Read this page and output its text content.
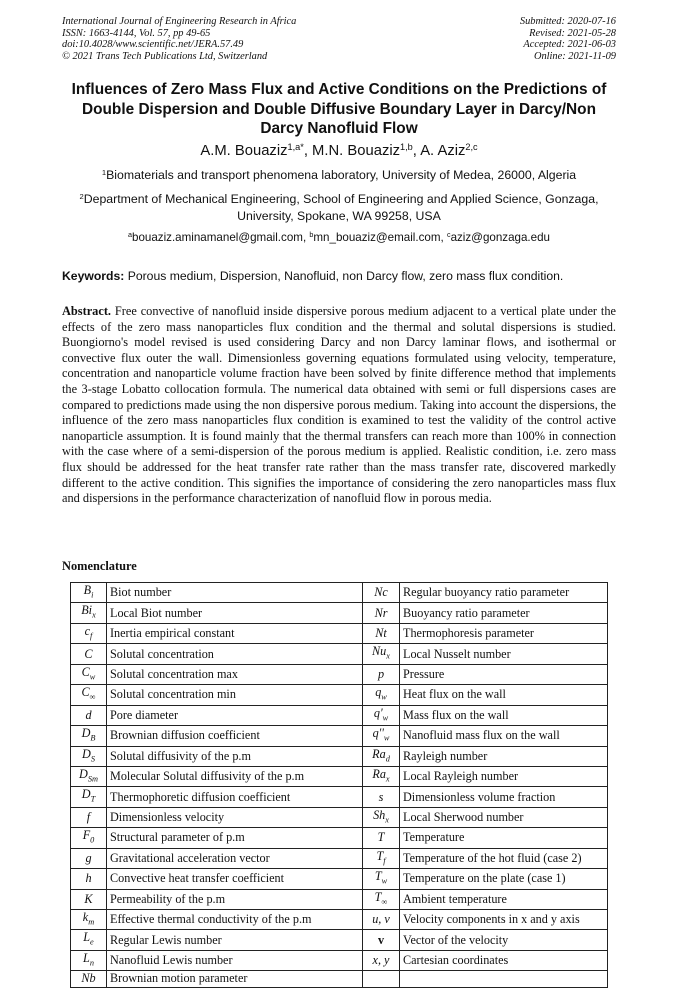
International Journal of Engineering Research in Africa
ISSN: 1663-4144, Vol. 57, pp 49-65
doi:10.4028/www.scientific.net/JERA.57.49
© 2021 Trans Tech Publications Ltd, Switzerland
Submitted: 2020-07-16
Revised: 2021-05-28
Accepted: 2021-06-03
Online: 2021-11-09
Influences of Zero Mass Flux and Active Conditions on the Predictions of Double Dispersion and Double Diffusive Boundary Layer in Darcy/Non Darcy Nanofluid Flow
A.M. Bouaziz$^{1,a*}$, M.N. Bouaziz$^{1,b}$, A. Aziz$^{2,c}$
$^1$Biomaterials and transport phenomena laboratory, University of Medea, 26000, Algeria
$^2$Department of Mechanical Engineering, School of Engineering and Applied Science, Gonzaga, University, Spokane, WA 99258, USA
$^a$bouaziz.aminamanel@gmail.com, $^b$mn_bouaziz@email.com, $^c$aziz@gonzaga.edu
Keywords: Porous medium, Dispersion, Nanofluid, non Darcy flow, zero mass flux condition.
Abstract. Free convective of nanofluid inside dispersive porous medium adjacent to a vertical plate under the effects of the zero mass nanoparticles flux condition and the thermal and solutal dispersions is studied. Buongiorno's model revised is used considering Darcy and non Darcy laminar flows, and isothermal or convective flux outer the wall. Dimensionless governing equations formulated using velocity, temperature, concentration and nanoparticle volume fraction have been solved by finite difference method that implements the 3-stage Lobatto collocation formula. The numerical data obtained with semi or full dispersions cases are compared to predictions made using the non dispersive porous medium. Taking into account the dispersions, the influence of the zero mass nanoparticles flux condition is examined to test the validity of the control active nanoparticle assumption. It is found mainly that the thermal transfers can reach more than 100% in connection with the case where of a semi-dispersion of the porous medium is applied. Realistic condition, i.e. zero mass flux should be addressed for the heat transfer rate rather than the mass transfer rate, discovered markedly different to the active condition. This signifies the importance of considering the zero nanoparticles mass flux and dispersions in the performance characterization of nanofluid flow in porous media.
Nomenclature
$B_i$	Biot number	Nc	Regular buoyancy ratio parameter
$Bi_x$	Local Biot number	Nr	Buoyancy ratio parameter
$c_f$	Inertia empirical constant	Nt	Thermophoresis parameter
C	Solutal concentration	$Nu_x$	Local Nusselt number
$C_w$	Solutal concentration max	p	Pressure
$C_\infty$	Solutal concentration min	$q_w$	Heat flux on the wall
d	Pore diameter	$q'_w$	Mass flux on the wall
$D_B$	Brownian diffusion coefficient	$q''_w$	Nanofluid mass flux on the wall
$D_S$	Solutal diffusivity of the p.m	$Ra_d$	Rayleigh number
$D_{Sm}$	Molecular Solutal diffusivity of the p.m	$Ra_x$	Local Rayleigh number
$D_T$	Thermophoretic diffusion coefficient	s	Dimensionless volume fraction
f	Dimensionless velocity	$Sh_x$	Local Sherwood number
$F_0$	Structural parameter of p.m	T	Temperature
g	Gravitational acceleration vector	$T_f$	Temperature of the hot fluid (case 2)
h	Convective heat transfer coefficient	$T_w$	Temperature on the plate (case 1)
K	Permeability of the p.m	$T_\infty$	Ambient temperature
$k_m$	Effective thermal conductivity of the p.m	u, v	Velocity components in x and y axis
$L_e$	Regular Lewis number	v	Vector of the velocity
$L_n$	Nanofluid Lewis number	x, y	Cartesian coordinates
Nb	Brownian motion parameter		
